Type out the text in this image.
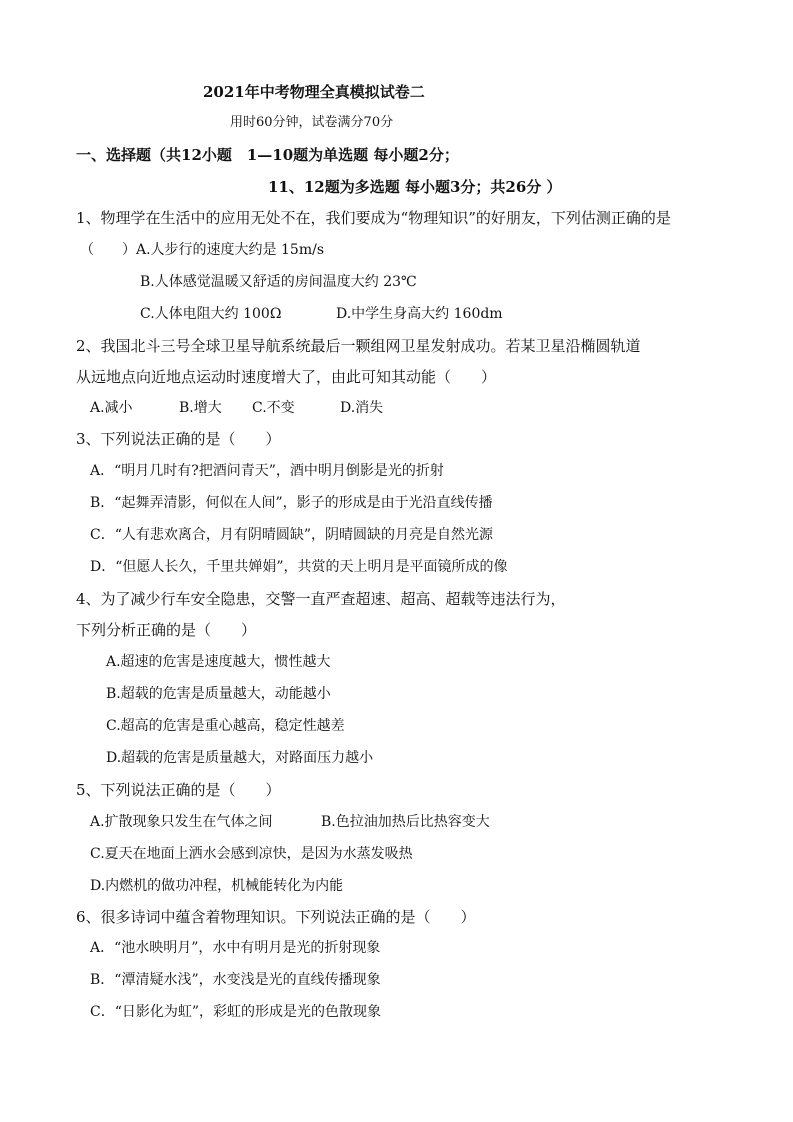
2021年中考物理全真模拟试卷二
用时60分钟，试卷满分70分
一、选择题（共12小题　1—10题为单选题 每小题2分；
11、12题为多选题 每小题3分；共26分 ）
1、物理学在生活中的应用无处不在，我们要成为“物理知识”的好朋友，下列估测正确的是
（　　）A.人步行的速度大约是 15m/s
B.人体感觉温暖又舒适的房间温度大约 23℃
C.人体电阻大约 100Ω	D.中学生身高大约 160dm
2、我国北斗三号全球卫星导航系统最后一颗组网卫星发射成功。若某卫星沿椭圆轨道
从远地点向近地点运动时速度增大了，由此可知其动能（　　）
A.减小	B.增大 C.不变	D.消失
3、下列说法正确的是（　　）
A．“明月几时有?把酒问青天”，酒中明月倒影是光的折射
B．“起舞弄清影，何似在人间”，影子的形成是由于光沿直线传播
C．“人有悲欢离合，月有阴晴圆缺”，阴晴圆缺的月亮是自然光源
D．“但愿人长久，千里共婵娟”，共赏的天上明月是平面镜所成的像
4、为了减少行车安全隐患，交警一直严查超速、超高、超载等违法行为，
下列分析正确的是（　　）
A.超速的危害是速度越大，惯性越大
B.超载的危害是质量越大，动能越小
C.超高的危害是重心越高，稳定性越差
D.超载的危害是质量越大，对路面压力越小
5、下列说法正确的是（　　）
A.扩散现象只发生在气体之间	B.色拉油加热后比热容变大
C.夏天在地面上洒水会感到凉快，是因为水蒸发吸热
D.内燃机的做功冲程，机械能转化为内能
6、很多诗词中蕴含着物理知识。下列说法正确的是（　　）
A．“池水映明月”，水中有明月是光的折射现象
B．“潭清疑水浅”，水变浅是光的直线传播现象
C．“日影化为虹”，彩虹的形成是光的色散现象
